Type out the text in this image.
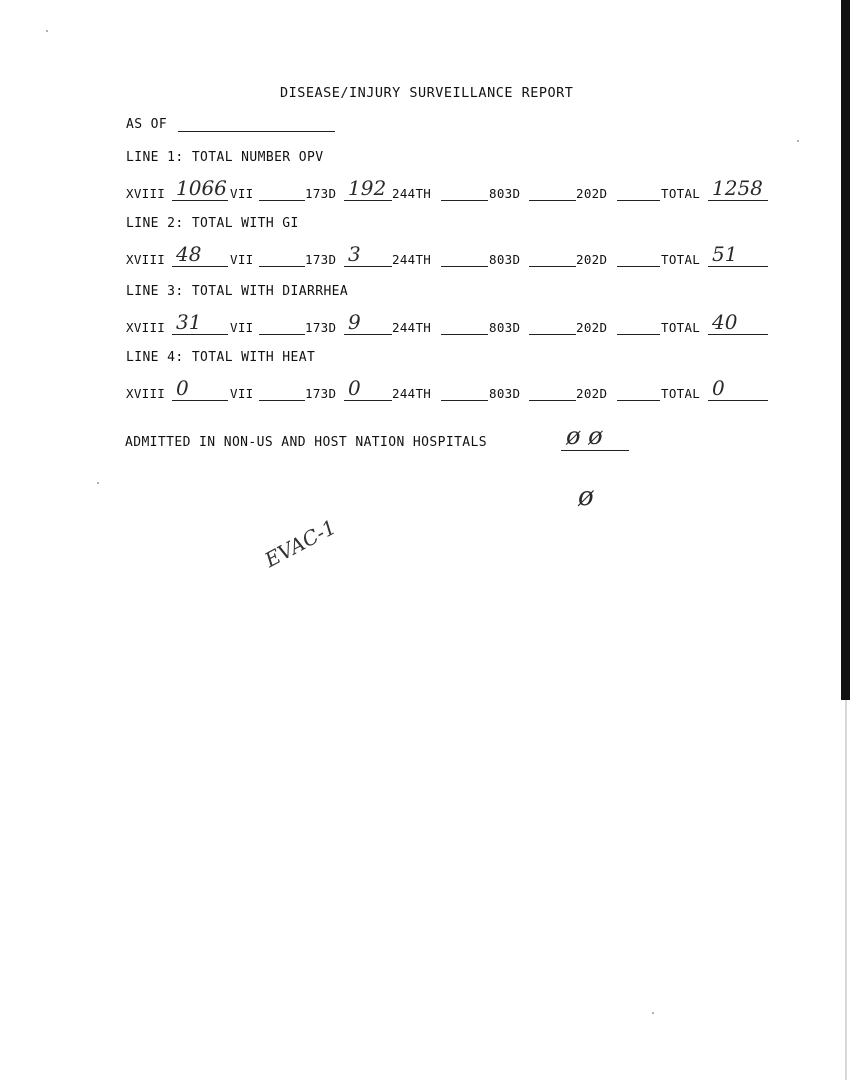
DISEASE/INJURY SURVEILLANCE REPORT
AS OF
LINE 1: TOTAL NUMBER OPV
XVIII 1066 VII	173D 192 244TH	803D	202D	TOTAL 1258
LINE 2: TOTAL WITH GI
XVIII 48 VII	173D 3	244TH	803D	202D	TOTAL 51
LINE 3: TOTAL WITH DIARRHEA
XVIII 31 VII	173D 9	244TH	803D	202D	TOTAL 40
LINE 4: TOTAL WITH HEAT
XVIII 0	VII	173D 0	244TH	803D	202D	TOTAL 0
ADMITTED IN NON-US AND HOST NATION HOSPITALS	ø ø
ø
EVAC-1
